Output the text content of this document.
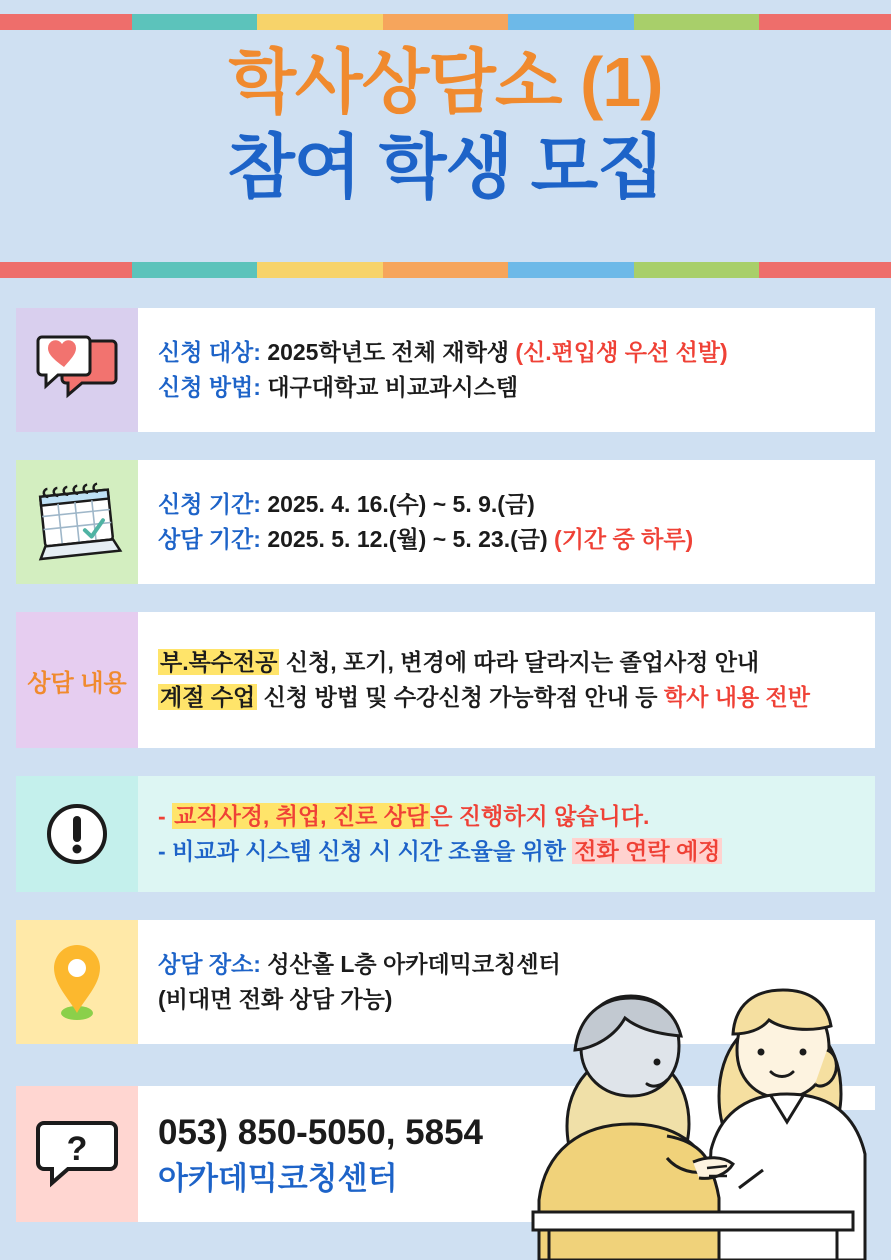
학사상담소 (1)
참여 학생 모집
신청 대상: 2025학년도 전체 재학생 (신.편입생 우선 선발)
신청 방법: 대구대학교 비교과시스템
신청 기간: 2025. 4. 16.(수) ~ 5. 9.(금)
상담 기간: 2025. 5. 12.(월) ~ 5. 23.(금) (기간 중 하루)
상담 내용
부.복수전공 신청, 포기, 변경에 따라 달라지는 졸업사정 안내
계절 수업 신청 방법 및 수강신청 가능학점 안내 등 학사 내용 전반
- 교직사정, 취업, 진로 상담은 진행하지 않습니다.
- 비교과 시스템 신청 시 시간 조율을 위한 전화 연락 예정
상담 장소: 성산홀 L층 아카데믹코칭센터
(비대면 전화 상담 가능)
? 053) 850-5050, 5854
아카데믹코칭센터
